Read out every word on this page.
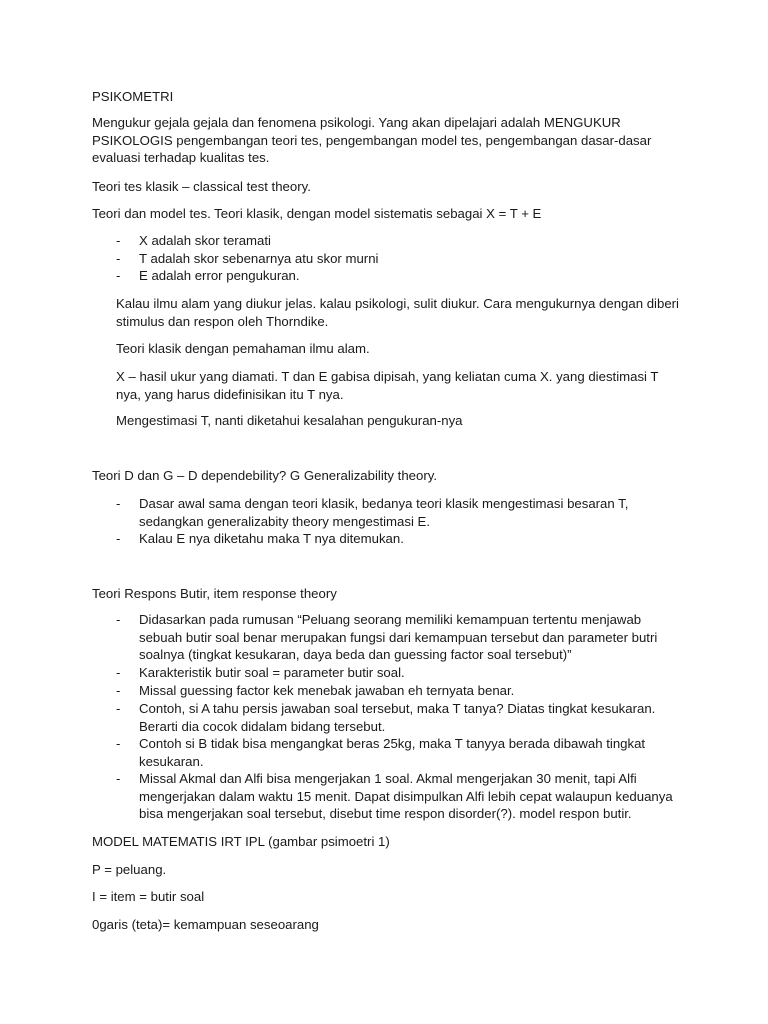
PSIKOMETRI

Mengukur gejala gejala dan fenomena psikologi. Yang akan dipelajari adalah MENGUKUR PSIKOLOGIS pengembangan teori tes, pengembangan model tes, pengembangan dasar-dasar evaluasi terhadap kualitas tes.

Teori tes klasik – classical test theory.

Teori dan model tes. Teori klasik, dengan model sistematis sebagai X = T + E

-	X adalah skor teramati
-	T adalah skor sebenarnya atu skor murni
-	E adalah error pengukuran.

Kalau ilmu alam yang diukur jelas. kalau psikologi, sulit diukur. Cara mengukurnya dengan diberi stimulus dan respon oleh Thorndike.

Teori klasik dengan pemahaman ilmu alam.

X – hasil ukur yang diamati. T dan E gabisa dipisah, yang keliatan cuma X. yang diestimasi T nya, yang harus didefinisikan itu T nya.

Mengestimasi T, nanti diketahui kesalahan pengukuran-nya

Teori D dan G – D dependebility? G Generalizability theory.

-	Dasar awal sama dengan teori klasik, bedanya teori klasik mengestimasi besaran T, sedangkan generalizabity theory mengestimasi E.
-	Kalau E nya diketahu maka T nya ditemukan.

Teori Respons Butir, item response theory

-	Didasarkan pada rumusan “Peluang seorang memiliki kemampuan tertentu menjawab sebuah butir soal benar merupakan fungsi dari kemampuan tersebut dan parameter butri soalnya (tingkat kesukaran, daya beda dan guessing factor soal tersebut)”
-	Karakteristik butir soal = parameter butir soal.
-	Missal guessing factor kek menebak jawaban eh ternyata benar.
-	Contoh, si A tahu persis jawaban soal tersebut, maka T tanya? Diatas tingkat kesukaran. Berarti dia cocok didalam bidang tersebut.
-	Contoh si B tidak bisa mengangkat beras 25kg, maka T tanyya berada dibawah tingkat kesukaran.
-	Missal Akmal dan Alfi bisa mengerjakan 1 soal. Akmal mengerjakan 30 menit, tapi Alfi mengerjakan dalam waktu 15 menit. Dapat disimpulkan Alfi lebih cepat walaupun keduanya bisa mengerjakan soal tersebut, disebut time respon disorder(?). model respon butir.

MODEL MATEMATIS IRT IPL (gambar psimoetri 1)

P = peluang.

I = item = butir soal

0garis (teta)= kemampuan seseoarang
